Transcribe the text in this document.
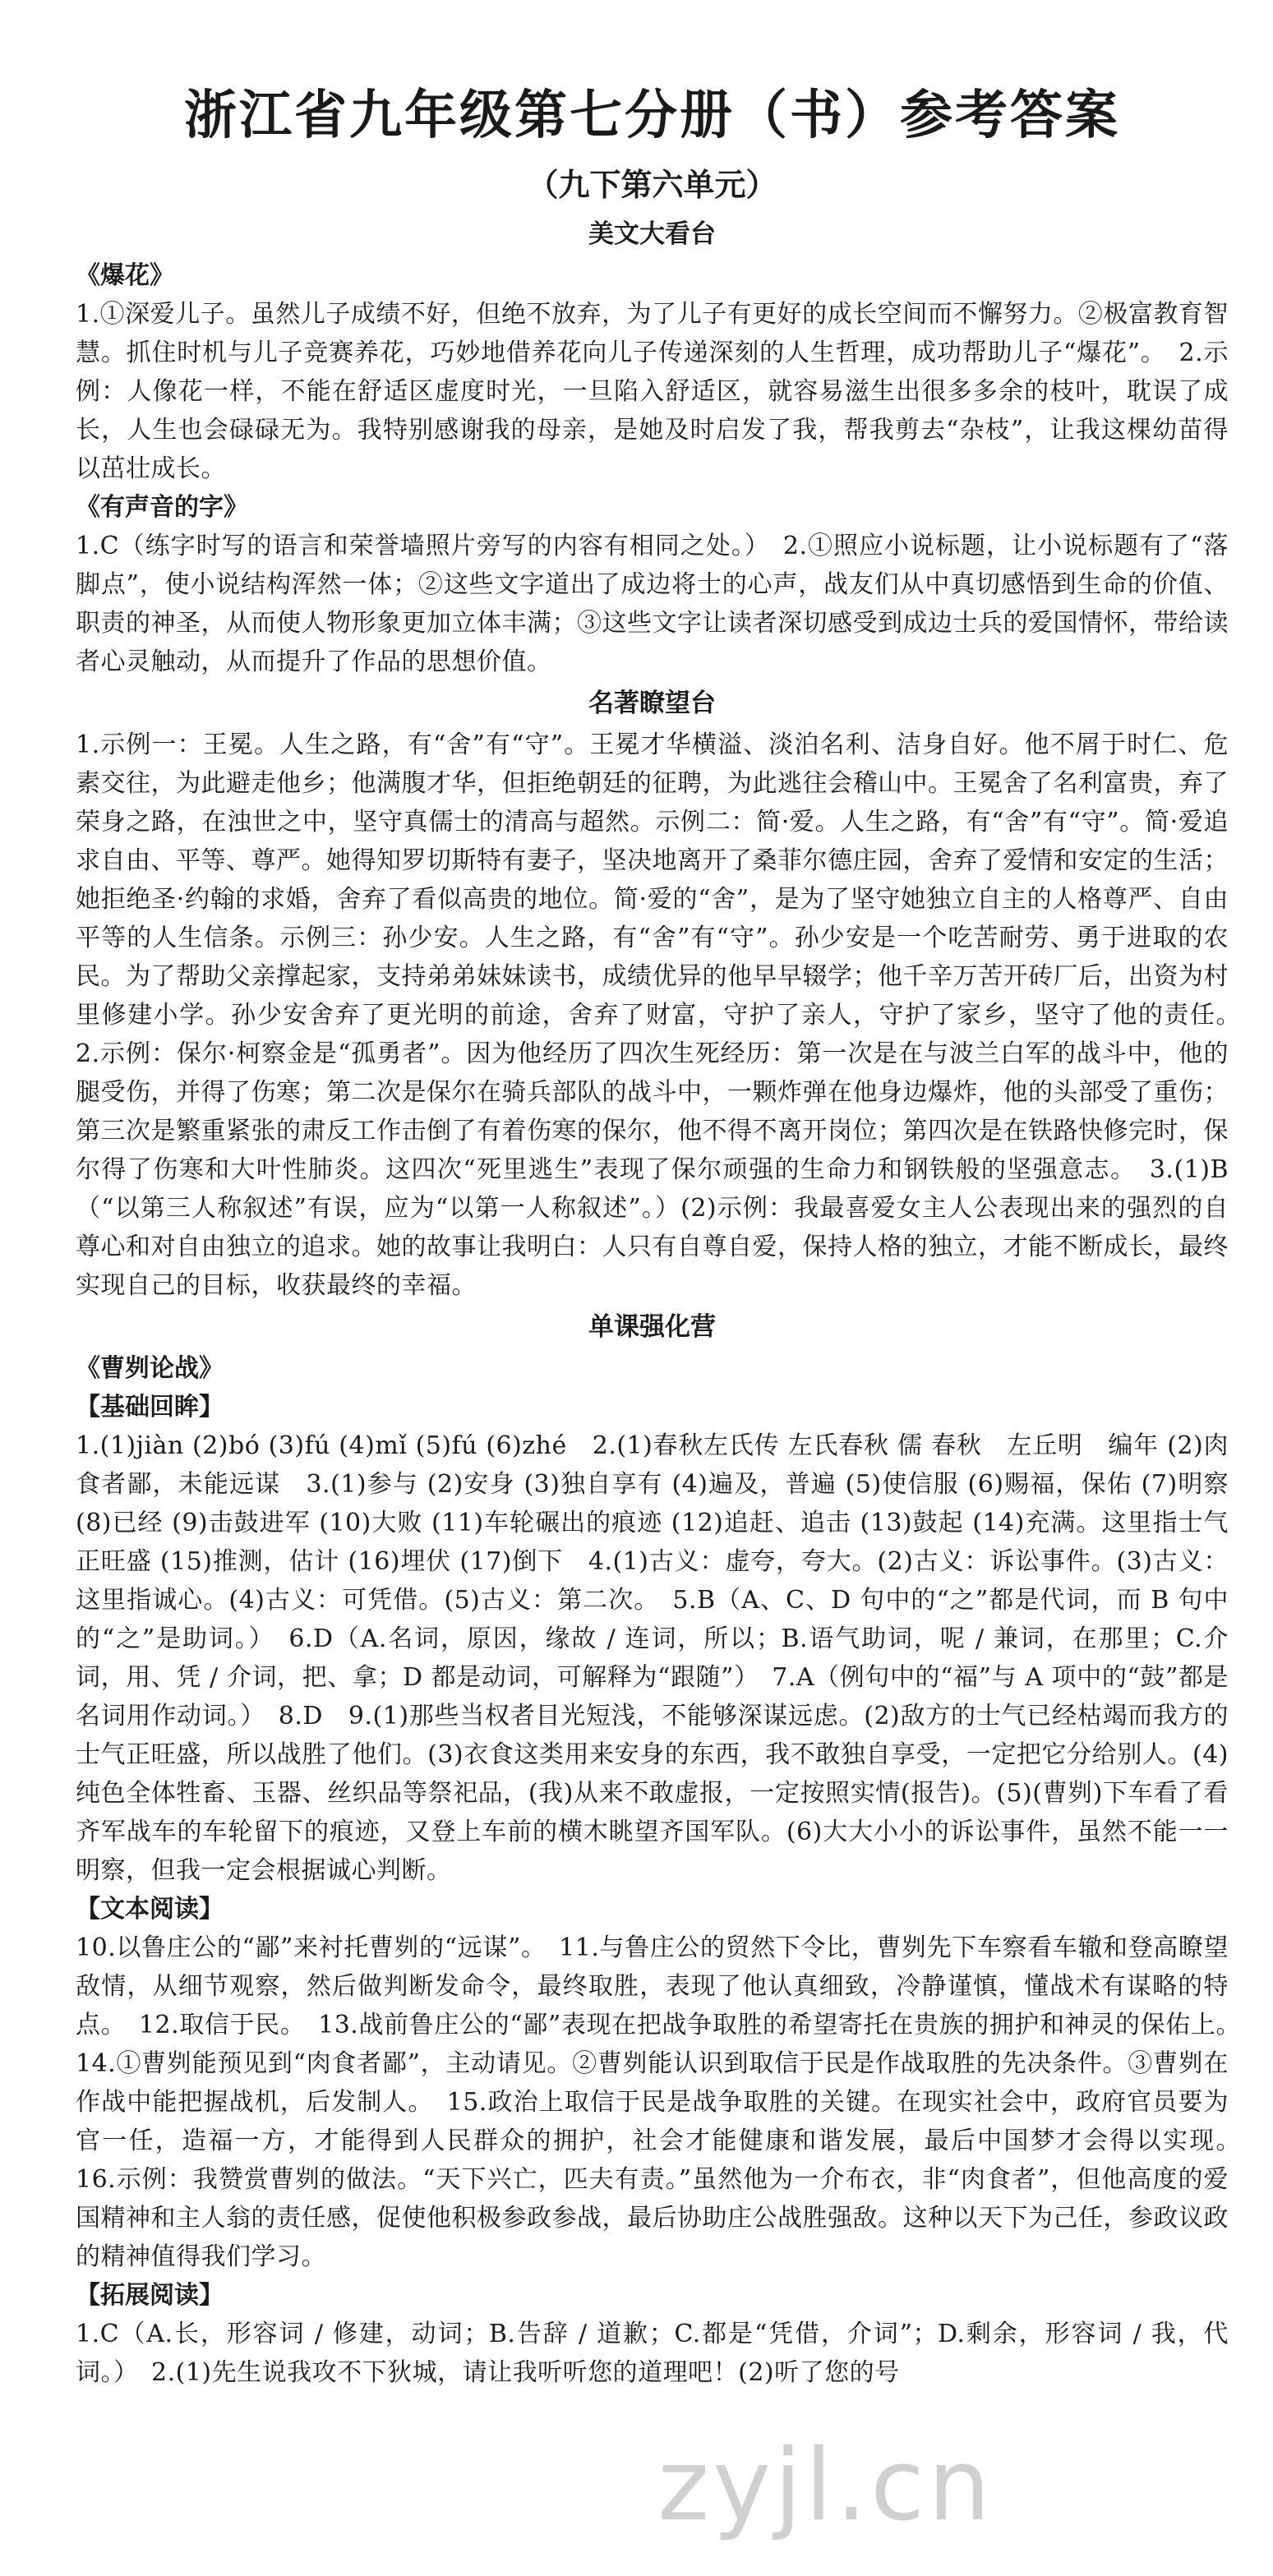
浙江省九年级第七分册（书）参考答案
（九下第六单元）
美文大看台
《爆花》

1.①深爱儿子。虽然儿子成绩不好，但绝不放弃，为了儿子有更好的成长空间而不懈努力。②极富教育智慧。抓住时机与儿子竞赛养花，巧妙地借养花向儿子传递深刻的人生哲理，成功帮助儿子“爆花”。　2.示例：人像花一样，不能在舒适区虚度时光，一旦陷入舒适区，就容易滋生出很多多余的枝叶，耽误了成长，人生也会碌碌无为。我特别感谢我的母亲，是她及时启发了我，帮我剪去“杂枝”，让我这棵幼苗得以茁壮成长。

《有声音的字》

1.C（练字时写的语言和荣誉墙照片旁写的内容有相同之处。）　2.①照应小说标题，让小说标题有了“落脚点”，使小说结构浑然一体；②这些文字道出了成边将士的心声，战友们从中真切感悟到生命的价值、职责的神圣，从而使人物形象更加立体丰满；③这些文字让读者深切感受到成边士兵的爱国情怀，带给读者心灵触动，从而提升了作品的思想价值。

名著瞭望台

1.示例一：王冕。人生之路，有“舍”有“守”。王冕才华横溢、淡泊名利、洁身自好。他不屑于时仁、危素交往，为此避走他乡；他满腹才华，但拒绝朝廷的征聘，为此逃往会稽山中。王冕舍了名利富贵，弃了荣身之路，在浊世之中，坚守真儒士的清高与超然。示例二：简·爱。人生之路，有“舍”有“守”。简·爱追求自由、平等、尊严。她得知罗切斯特有妻子，坚决地离开了桑菲尔德庄园，舍弃了爱情和安定的生活；她拒绝圣·约翰的求婚，舍弃了看似高贵的地位。简·爱的“舍”，是为了坚守她独立自主的人格尊严、自由平等的人生信条。示例三：孙少安。人生之路，有“舍”有“守”。孙少安是一个吃苦耐劳、勇于进取的农民。为了帮助父亲撑起家，支持弟弟妹妹读书，成绩优异的他早早辍学；他千辛万苦开砖厂后，出资为村里修建小学。孙少安舍弃了更光明的前途，舍弃了财富，守护了亲人，守护了家乡，坚守了他的责任。　2.示例：保尔·柯察金是“孤勇者”。因为他经历了四次生死经历：第一次是在与波兰白军的战斗中，他的腿受伤，并得了伤寒；第二次是保尔在骑兵部队的战斗中，一颗炸弹在他身边爆炸，他的头部受了重伤；第三次是繁重紧张的肃反工作击倒了有着伤寒的保尔，他不得不离开岗位；第四次是在铁路快修完时，保尔得了伤寒和大叶性肺炎。这四次“死里逃生”表现了保尔顽强的生命力和钢铁般的坚强意志。　3.(1)B（“以第三人称叙述”有误，应为“以第一人称叙述”。）(2)示例：我最喜爱女主人公表现出来的强烈的自尊心和对自由独立的追求。她的故事让我明白：人只有自尊自爱，保持人格的独立，才能不断成长，最终实现自己的目标，收获最终的幸福。

单课强化营
《曹刿论战》
【基础回眸】

1.(1)jiàn (2)bó (3)fú (4)mǐ (5)fú (6)zhé　2.(1)春秋左氏传 左氏春秋 儒 春秋　左丘明　编年 (2)肉食者鄙，未能远谋　3.(1)参与 (2)安身 (3)独自享有 (4)遍及，普遍 (5)使信服 (6)赐福，保佑 (7)明察 (8)已经 (9)击鼓进军 (10)大败 (11)车轮碾出的痕迹 (12)追赶、追击 (13)鼓起 (14)充满。这里指士气正旺盛 (15)推测，估计 (16)埋伏 (17)倒下　4.(1)古义：虚夸，夸大。(2)古义：诉讼事件。(3)古义：这里指诚心。(4)古义：可凭借。(5)古义：第二次。　5.B（A、C、D 句中的“之”都是代词，而 B 句中的“之”是助词。）　6.D（A.名词，原因，缘故 / 连词，所以；B.语气助词，呢 / 兼词，在那里；C.介词，用、凭 / 介词，把、拿；D 都是动词，可解释为“跟随”）　7.A（例句中的“福”与 A 项中的“鼓”都是名词用作动词。）　8.D　9.(1)那些当权者目光短浅，不能够深谋远虑。(2)敌方的士气已经枯竭而我方的士气正旺盛，所以战胜了他们。(3)衣食这类用来安身的东西，我不敢独自享受，一定把它分给别人。(4)纯色全体牲畜、玉器、丝织品等祭祀品，(我)从来不敢虚报，一定按照实情(报告)。(5)(曹刿)下车看了看齐军战车的车轮留下的痕迹，又登上车前的横木眺望齐国军队。(6)大大小小的诉讼事件，虽然不能一一明察，但我一定会根据诚心判断。

【文本阅读】

10.以鲁庄公的“鄙”来衬托曹刿的“远谋”。　11.与鲁庄公的贸然下令比，曹刿先下车察看车辙和登高瞭望敌情，从细节观察，然后做判断发命令，最终取胜，表现了他认真细致，冷静谨慎，懂战术有谋略的特点。　12.取信于民。　13.战前鲁庄公的“鄙”表现在把战争取胜的希望寄托在贵族的拥护和神灵的保佑上。　14.①曹刿能预见到“肉食者鄙”，主动请见。②曹刿能认识到取信于民是作战取胜的先决条件。③曹刿在作战中能把握战机，后发制人。　15.政治上取信于民是战争取胜的关键。在现实社会中，政府官员要为官一任，造福一方，才能得到人民群众的拥护，社会才能健康和谐发展，最后中国梦才会得以实现。　16.示例：我赞赏曹刿的做法。“天下兴亡，匹夫有责。”虽然他为一介布衣，非“肉食者”，但他高度的爱国精神和主人翁的责任感，促使他积极参政参战，最后协助庄公战胜强敌。这种以天下为己任，参政议政的精神值得我们学习。

【拓展阅读】

1.C（A.长，形容词 / 修建，动词；B.告辞 / 道歉；C.都是“凭借，介词”；D.剩余，形容词 / 我，代词。）　2.(1)先生说我攻不下狄城，请让我听听您的道理吧！(2)听了您的号

zyjl.cn
